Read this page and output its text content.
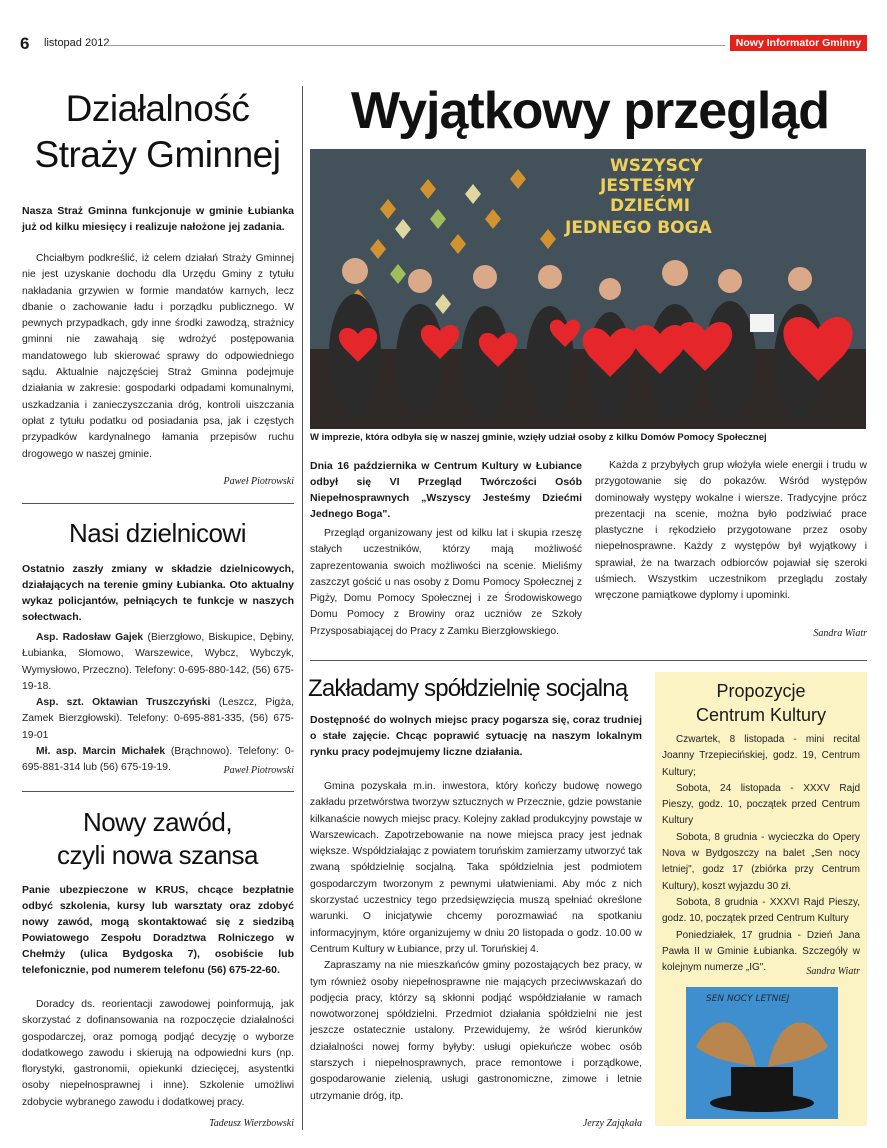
6 listopad 2012	Nowy Informator Gminny
Działalność
Straży Gminnej
Nasza Straż Gminna funkcjonuje w gminie Łubianka już od kilku miesięcy i realizuje nałożone jej zadania.

Chciałbym podkreślić, iż celem działań Straży Gminnej nie jest uzyskanie dochodu dla Urzędu Gminy z tytułu nakładania grzywien w formie mandatów karnych, lecz dbanie o zachowanie ładu i porządku publicznego. W pewnych przypadkach, gdy inne środki zawodzą, strażnicy gminni nie zawahają się wdrożyć postępowania mandatowego lub skierować sprawy do odpowiedniego sądu. Aktualnie najczęściej Straż Gminna podejmuje działania w zakresie: gospodarki odpadami komunalnymi, uszkadzania i zanieczyszczania dróg, kontroli uiszczania opłat z tytułu podatku od posiadania psa, jak i częstych przypadków kardynalnego łamania przepisów ruchu drogowego w naszej gminie.

Paweł Piotrowski
Nasi dzielnicowi
Ostatnio zaszły zmiany w składzie dzielnicowych, działających na terenie gminy Łubianka. Oto aktualny wykaz policjantów, pełniących te funkcje w naszych sołectwach.

Asp. Radosław Gajek (Bierzgłowo, Biskupice, Dębiny, Łubianka, Słomowo, Warszewice, Wybcz, Wybczyk, Wymysłowo, Przeczno). Telefony: 0-695-880-142, (56) 675-19-18.

Asp. szt. Oktawian Truszczyński (Leszcz, Pigża, Zamek Bierzgłowski). Telefony: 0-695-881-335, (56) 675-19-01

Mł. asp. Marcin Michałek (Brąchnowo). Telefony: 0-695-881-314 lub (56) 675-19-19.	Paweł Piotrowski
Nowy zawód,
czyli nowa szansa
Panie ubezpieczone w KRUS, chcące bezpłatnie odbyć szkolenia, kursy lub warsztaty oraz zdobyć nowy zawód, mogą skontaktować się z siedzibą Powiatowego Zespołu Doradztwa Rolniczego w Chełmży (ulica Bydgoska 7), osobiście lub telefonicznie, pod numerem telefonu (56) 675-22-60.

Doradcy ds. reorientacji zawodowej poinformują, jak skorzystać z dofinansowania na rozpoczęcie działalności gospodarczej, oraz pomogą podjąć decyzję o wyborze dodatkowego zawodu i skierują na odpowiedni kurs (np. florystyki, gastronomii, opiekunki dziecięcej, asystentki osoby niepełnosprawnej i inne). Szkolenie umożliwi zdobycie wybranego zawodu i dodatkowej pracy.

Tadeusz Wierzbowski
Wyjątkowy przegląd
WSZYSCY
JESTEŚMY
DZIEĆMI
JEDNEGO BOGA
W imprezie, która odbyła się w naszej gminie, wzięły udział osoby z kilku Domów Pomocy Społecznej
Dnia 16 października w Centrum Kultury w Łubiance odbył się VI Przegląd Twórczości Osób Niepełnosprawnych „Wszyscy Jesteśmy Dziećmi Jednego Boga".

Przegląd organizowany jest od kilku lat i skupia rzeszę stałych uczestników, którzy mają możliwość zaprezentowania swoich możliwości na scenie. Mieliśmy zaszczyt gościć u nas osoby z Domu Pomocy Społecznej z Pigży, Domu Pomocy Społecznej i ze Środowiskowego Domu Pomocy z Browiny oraz uczniów ze Szkoły Przysposabiającej do Pracy z Zamku Bierzgłowskiego.

Każda z przybyłych grup włożyła wiele energii i trudu w przygotowanie się do pokazów. Wśród występów dominowały występy wokalne i wiersze. Tradycyjne prócz prezentacji na scenie, można było podziwiać prace plastyczne i rękodzieło przygotowane przez osoby niepełnosprawne. Każdy z występów był wyjątkowy i sprawiał, że na twarzach odbiorców pojawiał się szeroki uśmiech. Wszystkim uczestnikom przeglądu zostały wręczone pamiątkowe dyplomy i upominki.

Sandra Wiatr
Zakładamy spółdzielnię socjalną
Dostępność do wolnych miejsc pracy pogarsza się, coraz trudniej o stałe zajęcie. Chcąc poprawić sytuację na naszym lokalnym rynku pracy podejmujemy liczne działania.

Gmina pozyskała m.in. inwestora, który kończy budowę nowego zakładu przetwórstwa tworzyw sztucznych w Przecznie, gdzie powstanie kilkanaście nowych miejsc pracy. Kolejny zakład produkcyjny powstaje w Warszewicach. Zapotrzebowanie na nowe miejsca pracy jest jednak większe. Współdziałając z powiatem toruńskim zamierzamy utworzyć tak zwaną spółdzielnię socjalną. Taka spółdzielnia jest podmiotem gospodarczym tworzonym z pewnymi ułatwieniami. Aby móc z nich skorzystać uczestnicy tego przedsięwzięcia muszą spełniać określone warunki. O inicjatywie chcemy porozmawiać na spotkaniu informacyjnym, które organizujemy w dniu 20 listopada o godz. 10.00 w Centrum Kultury w Łubiance, przy ul. Toruńskiej 4.

Zapraszamy na nie mieszkańców gminy pozostających bez pracy, w tym również osoby niepełnosprawne nie mających przeciwwskazań do podjęcia pracy, którzy są skłonni podjąć współdziałanie w ramach nowotworzonej spółdzielni. Przedmiot działania spółdzielni nie jest jeszcze ostatecznie ustalony. Przewidujemy, że wśród kierunków działalności nowej formy byłyby: usługi opiekuńcze wobec osób starszych i niepełnosprawnych, prace remontowe i porządkowe, gospodarowanie zielenią, usługi gastronomiczne, zimowe i letnie utrzymanie dróg, itp.

Jerzy Zająkała
Propozycje
Centrum Kultury

Czwartek, 8 listopada - mini recital Joanny Trzepiecińskiej, godz. 19, Centrum Kultury;

Sobota, 24 listopada - XXXV Rajd Pieszy, godz. 10, początek przed Centrum Kultury

Sobota, 8 grudnia - wycieczka do Opery Nova w Bydgoszczy na balet „Sen nocy letniej", godz 17 (zbiórka przy Centrum Kultury), koszt wyjazdu 30 zł.

Sobota, 8 grudnia - XXXVI Rajd Pieszy, godz. 10, początek przed Centrum Kultury

Poniedziałek, 17 grudnia - Dzień Jana Pawła II w Gminie Łubianka. Szczegóły w kolejnym numerze „IG".	Sandra Wiatr
SEN NOCY LETNIEJ
